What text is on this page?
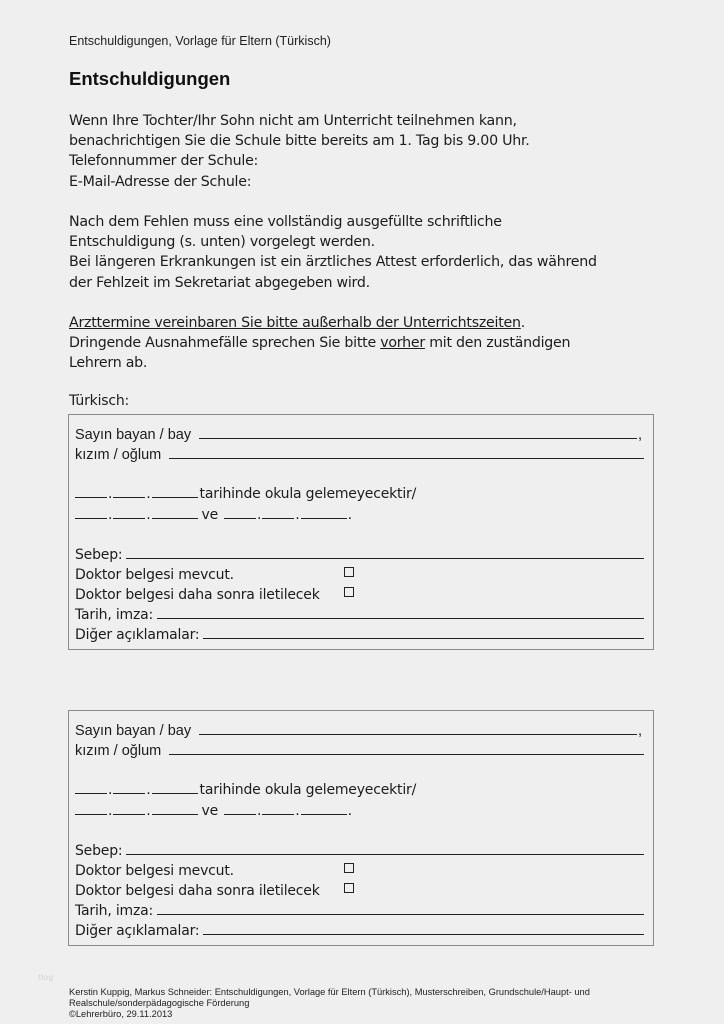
Entschuldigungen, Vorlage für Eltern (Türkisch)
Entschuldigungen
Wenn Ihre Tochter/Ihr Sohn nicht am Unterricht teilnehmen kann,
benachrichtigen Sie die Schule bitte bereits am 1. Tag bis 9.00 Uhr.
Telefonnummer der Schule:
E-Mail-Adresse der Schule:
Nach dem Fehlen muss eine vollständig ausgefüllte schriftliche
Entschuldigung (s. unten) vorgelegt werden.
Bei längeren Erkrankungen ist ein ärztliches Attest erforderlich, das während
der Fehlzeit im Sekretariat abgegeben wird.
Arzttermine vereinbaren Sie bitte außerhalb der Unterrichtszeiten.
Dringende Ausnahmefälle sprechen Sie bitte vorher mit den zuständigen
Lehrern ab.
Türkisch:
Sayın bayan / bay	,
kızım / oğlum
. .	tarihinde okula gelemeyecektir/
. .	ve	. .	.
Sebep:
Doktor belgesi mevcut.
Doktor belgesi daha sonra iletilecek
Tarih, imza:
Diğer açıklamalar:
Sayın bayan / bay	,
kızım / oğlum
. .	tarihinde okula gelemeyecektir/
. .	ve	. .	.
Sebep:
Doktor belgesi mevcut.
Doktor belgesi daha sonra iletilecek
Tarih, imza:
Diğer açıklamalar:
tlog
Kerstin Kuppig, Markus Schneider: Entschuldigungen, Vorlage für Eltern (Türkisch), Musterschreiben, Grundschule/Haupt- und
Realschule/sonderpädagogische Förderung
©Lehrerbüro, 29.11.2013
